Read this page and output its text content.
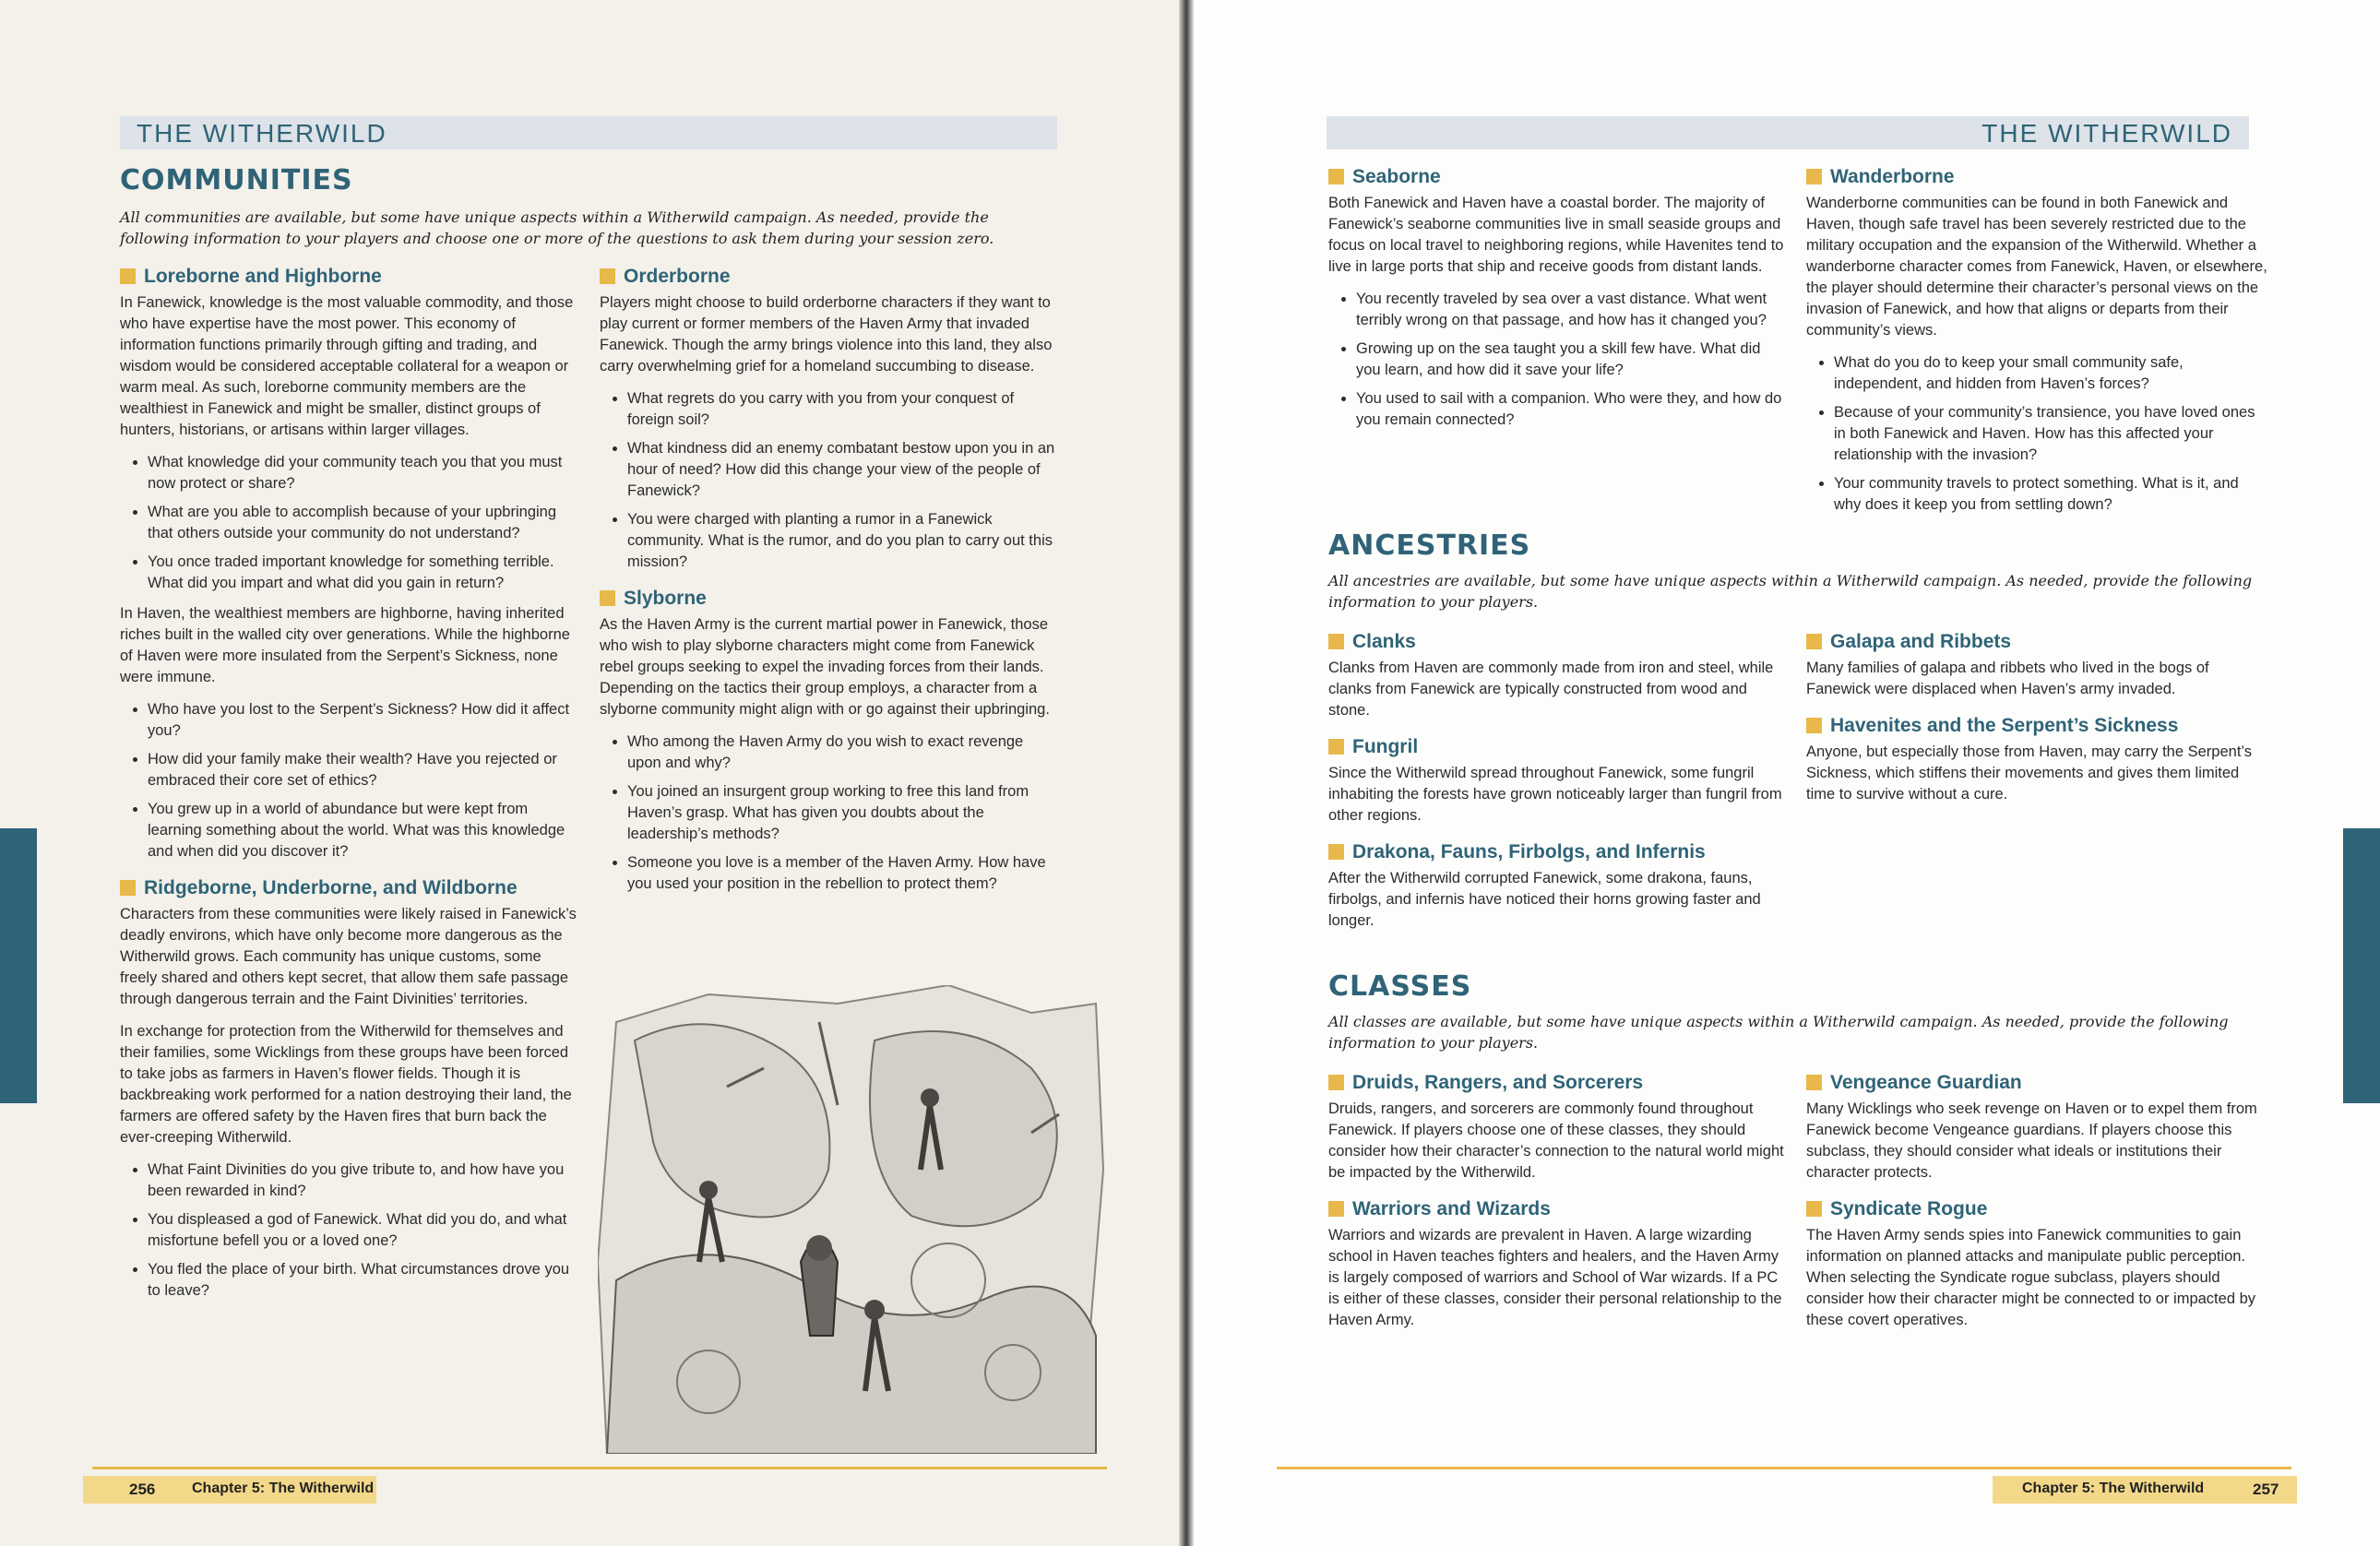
THE WITHERWILD
COMMUNITIES
All communities are available, but some have unique aspects within a Witherwild campaign. As needed, provide the following information to your players and choose one or more of the questions to ask them during your session zero.
Loreborne and Highborne

In Fanewick, knowledge is the most valuable commodity, and those who have expertise have the most power. This economy of information functions primarily through gifting and trading, and wisdom would be considered acceptable collateral for a weapon or warm meal. As such, loreborne community members are the wealthiest in Fanewick and might be smaller, distinct groups of hunters, historians, or artisans within larger villages.

• What knowledge did your community teach you that you must now protect or share?
• What are you able to accomplish because of your upbringing that others outside your community do not understand?
• You once traded important knowledge for something terrible. What did you impart and what did you gain in return?

In Haven, the wealthiest members are highborne, having inherited riches built in the walled city over generations. While the highborne of Haven were more insulated from the Serpent’s Sickness, none were immune.

• Who have you lost to the Serpent’s Sickness? How did it affect you?
• How did your family make their wealth? Have you rejected or embraced their core set of ethics?
• You grew up in a world of abundance but were kept from learning something about the world. What was this knowledge and when did you discover it?
Ridgeborne, Underborne, and Wildborne

Characters from these communities were likely raised in Fanewick’s deadly environs, which have only become more dangerous as the Witherwild grows. Each community has unique customs, some freely shared and others kept secret, that allow them safe passage through dangerous terrain and the Faint Divinities’ territories.

In exchange for protection from the Witherwild for themselves and their families, some Wicklings from these groups have been forced to take jobs as farmers in Haven’s flower fields. Though it is backbreaking work performed for a nation destroying their land, the farmers are offered safety by the Haven fires that burn back the ever-creeping Witherwild.

• What Faint Divinities do you give tribute to, and how have you been rewarded in kind?
• You displeased a god of Fanewick. What did you do, and what misfortune befell you or a loved one?
• You fled the place of your birth. What circumstances drove you to leave?
Orderborne

Players might choose to build orderborne characters if they want to play current or former members of the Haven Army that invaded Fanewick. Though the army brings violence into this land, they also carry overwhelming grief for a homeland succumbing to disease.

• What regrets do you carry with you from your conquest of foreign soil?
• What kindness did an enemy combatant bestow upon you in an hour of need? How did this change your view of the people of Fanewick?
• You were charged with planting a rumor in a Fanewick community. What is the rumor, and do you plan to carry out this mission?
Slyborne

As the Haven Army is the current martial power in Fanewick, those who wish to play slyborne characters might come from Fanewick rebel groups seeking to expel the invading forces from their lands. Depending on the tactics their group employs, a character from a slyborne community might align with or go against their upbringing.

• Who among the Haven Army do you wish to exact revenge upon and why?
• You joined an insurgent group working to free this land from Haven’s grasp. What has given you doubts about the leadership’s methods?
• Someone you love is a member of the Haven Army. How have you used your position in the rebellion to protect them?
256 Chapter 5: The Witherwild
THE WITHERWILD
Seaborne

Both Fanewick and Haven have a coastal border. The majority of Fanewick’s seaborne communities live in small seaside groups and focus on local travel to neighboring regions, while Havenites tend to live in large ports that ship and receive goods from distant lands.

• You recently traveled by sea over a vast distance. What went terribly wrong on that passage, and how has it changed you?
• Growing up on the sea taught you a skill few have. What did you learn, and how did it save your life?
• You used to sail with a companion. Who were they, and how do you remain connected?
Wanderborne

Wanderborne communities can be found in both Fanewick and Haven, though safe travel has been severely restricted due to the military occupation and the expansion of the Witherwild. Whether a wanderborne character comes from Fanewick, Haven, or elsewhere, the player should determine their character’s personal views on the invasion of Fanewick, and how that aligns or departs from their community’s views.

• What do you do to keep your small community safe, independent, and hidden from Haven’s forces?
• Because of your community’s transience, you have loved ones in both Fanewick and Haven. How has this affected your relationship with the invasion?
• Your community travels to protect something. What is it, and why does it keep you from settling down?
ANCESTRIES
All ancestries are available, but some have unique aspects within a Witherwild campaign. As needed, provide the following information to your players.
Clanks

Clanks from Haven are commonly made from iron and steel, while clanks from Fanewick are typically constructed from wood and stone.

Fungril

Since the Witherwild spread throughout Fanewick, some fungril inhabiting the forests have grown noticeably larger than fungril from other regions.

Drakona, Fauns, Firbolgs, and Infernis

After the Witherwild corrupted Fanewick, some drakona, fauns, firbolgs, and infernis have noticed their horns growing faster and longer.

Galapa and Ribbets

Many families of galapa and ribbets who lived in the bogs of Fanewick were displaced when Haven’s army invaded.

Havenites and the Serpent’s Sickness

Anyone, but especially those from Haven, may carry the Serpent’s Sickness, which stiffens their movements and gives them limited time to survive without a cure.

CLASSES
All classes are available, but some have unique aspects within a Witherwild campaign. As needed, provide the following information to your players.
Druids, Rangers, and Sorcerers

Druids, rangers, and sorcerers are commonly found throughout Fanewick. If players choose one of these classes, they should consider how their character’s connection to the natural world might be impacted by the Witherwild.

Warriors and Wizards

Warriors and wizards are prevalent in Haven. A large wizarding school in Haven teaches fighters and healers, and the Haven Army is largely composed of warriors and School of War wizards. If a PC is either of these classes, consider their personal relationship to the Haven Army.

Vengeance Guardian

Many Wicklings who seek revenge on Haven or to expel them from Fanewick become Vengeance guardians. If players choose this subclass, they should consider what ideals or institutions their character protects.

Syndicate Rogue

The Haven Army sends spies into Fanewick communities to gain information on planned attacks and manipulate public perception. When selecting the Syndicate rogue subclass, players should consider how their character might be connected to or impacted by these covert operatives.

Chapter 5: The Witherwild	257
